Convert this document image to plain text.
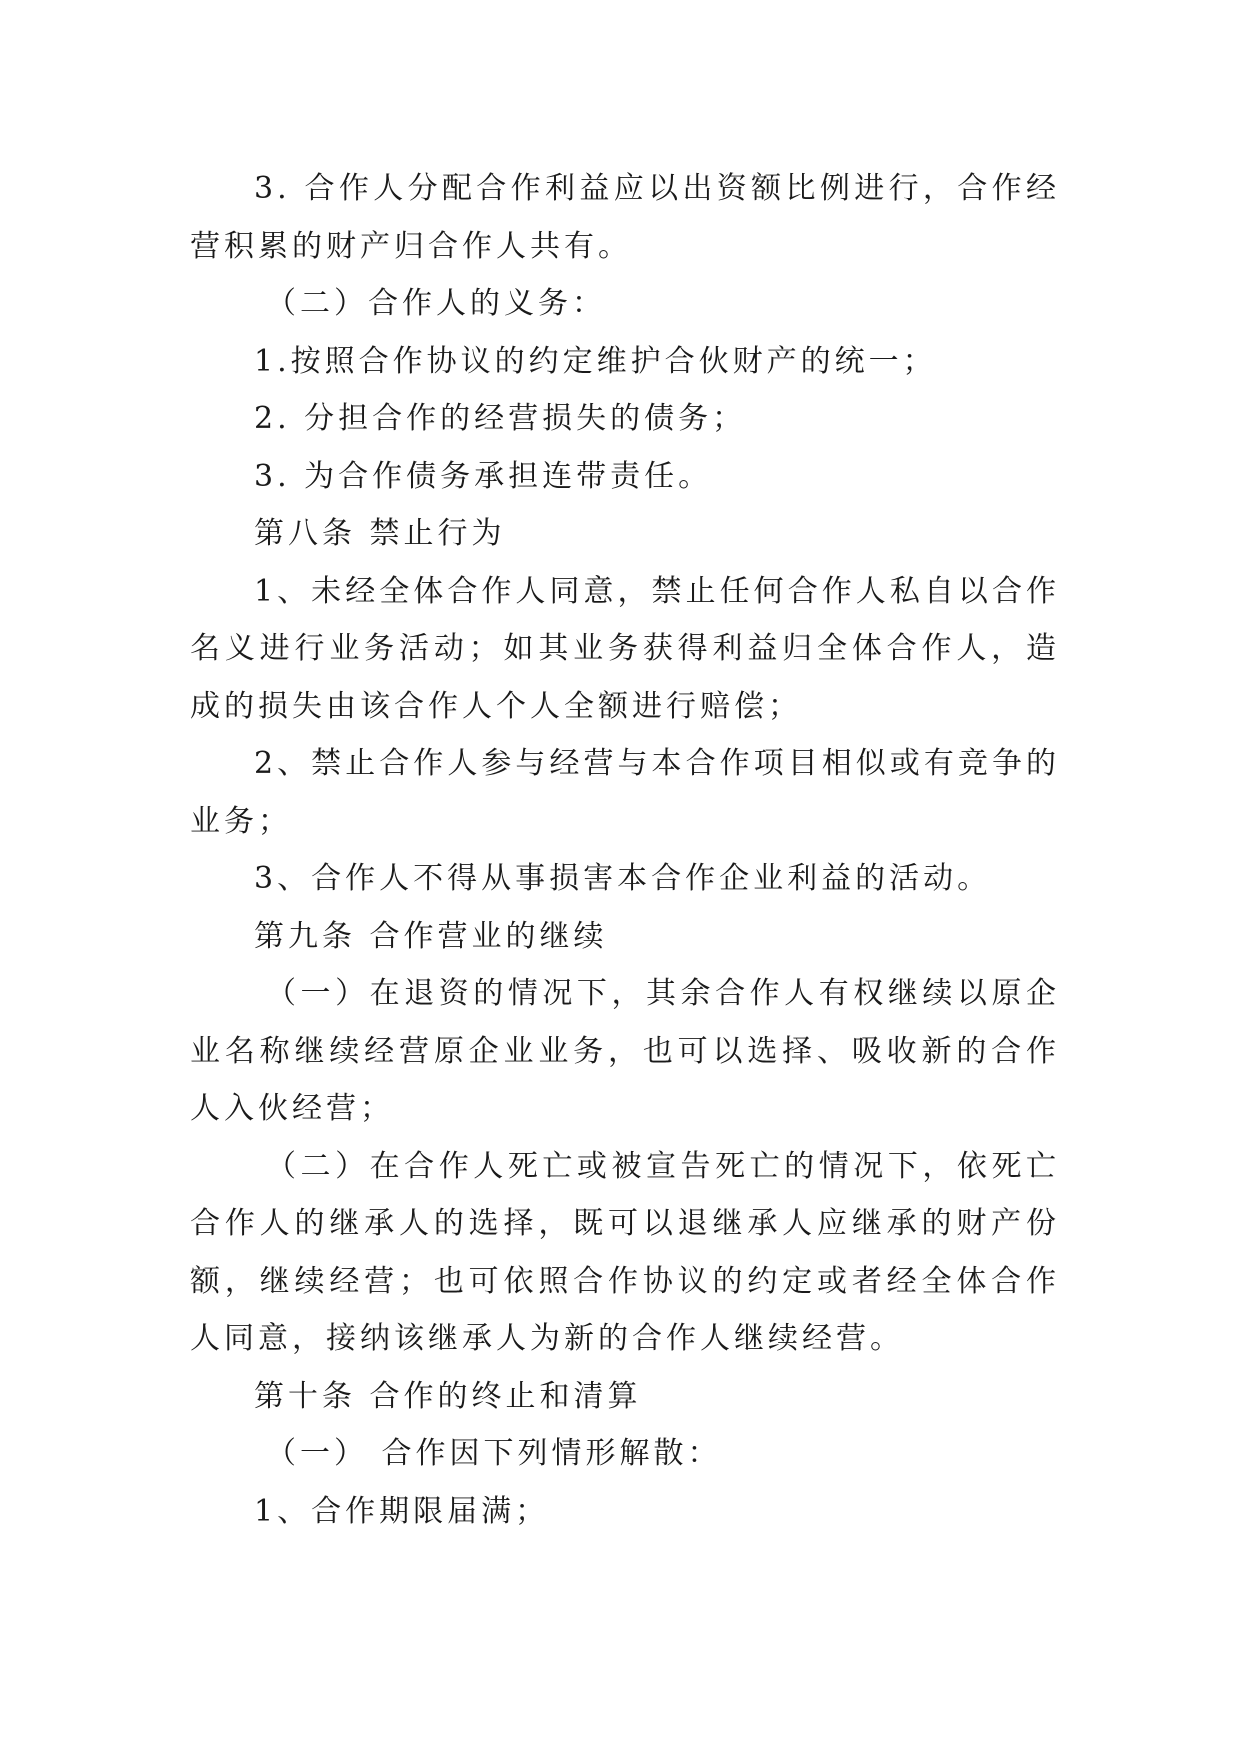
3. 合作人分配合作利益应以出资额比例进行，合作经营积累的财产归合作人共有。

（二）合作人的义务：

1.按照合作协议的约定维护合伙财产的统一；

2. 分担合作的经营损失的债务；

3. 为合作债务承担连带责任。

第八条 禁止行为

1、未经全体合作人同意，禁止任何合作人私自以合作名义进行业务活动；如其业务获得利益归全体合作人，造成的损失由该合作人个人全额进行赔偿；

2、禁止合作人参与经营与本合作项目相似或有竞争的业务；

3、合作人不得从事损害本合作企业利益的活动。

第九条 合作营业的继续

（一）在退资的情况下，其余合作人有权继续以原企业名称继续经营原企业业务，也可以选择、吸收新的合作人入伙经营；

（二）在合作人死亡或被宣告死亡的情况下，依死亡合作人的继承人的选择，既可以退继承人应继承的财产份额，继续经营；也可依照合作协议的约定或者经全体合作人同意，接纳该继承人为新的合作人继续经营。

第十条 合作的终止和清算

（一） 合作因下列情形解散：

1、合作期限届满；
